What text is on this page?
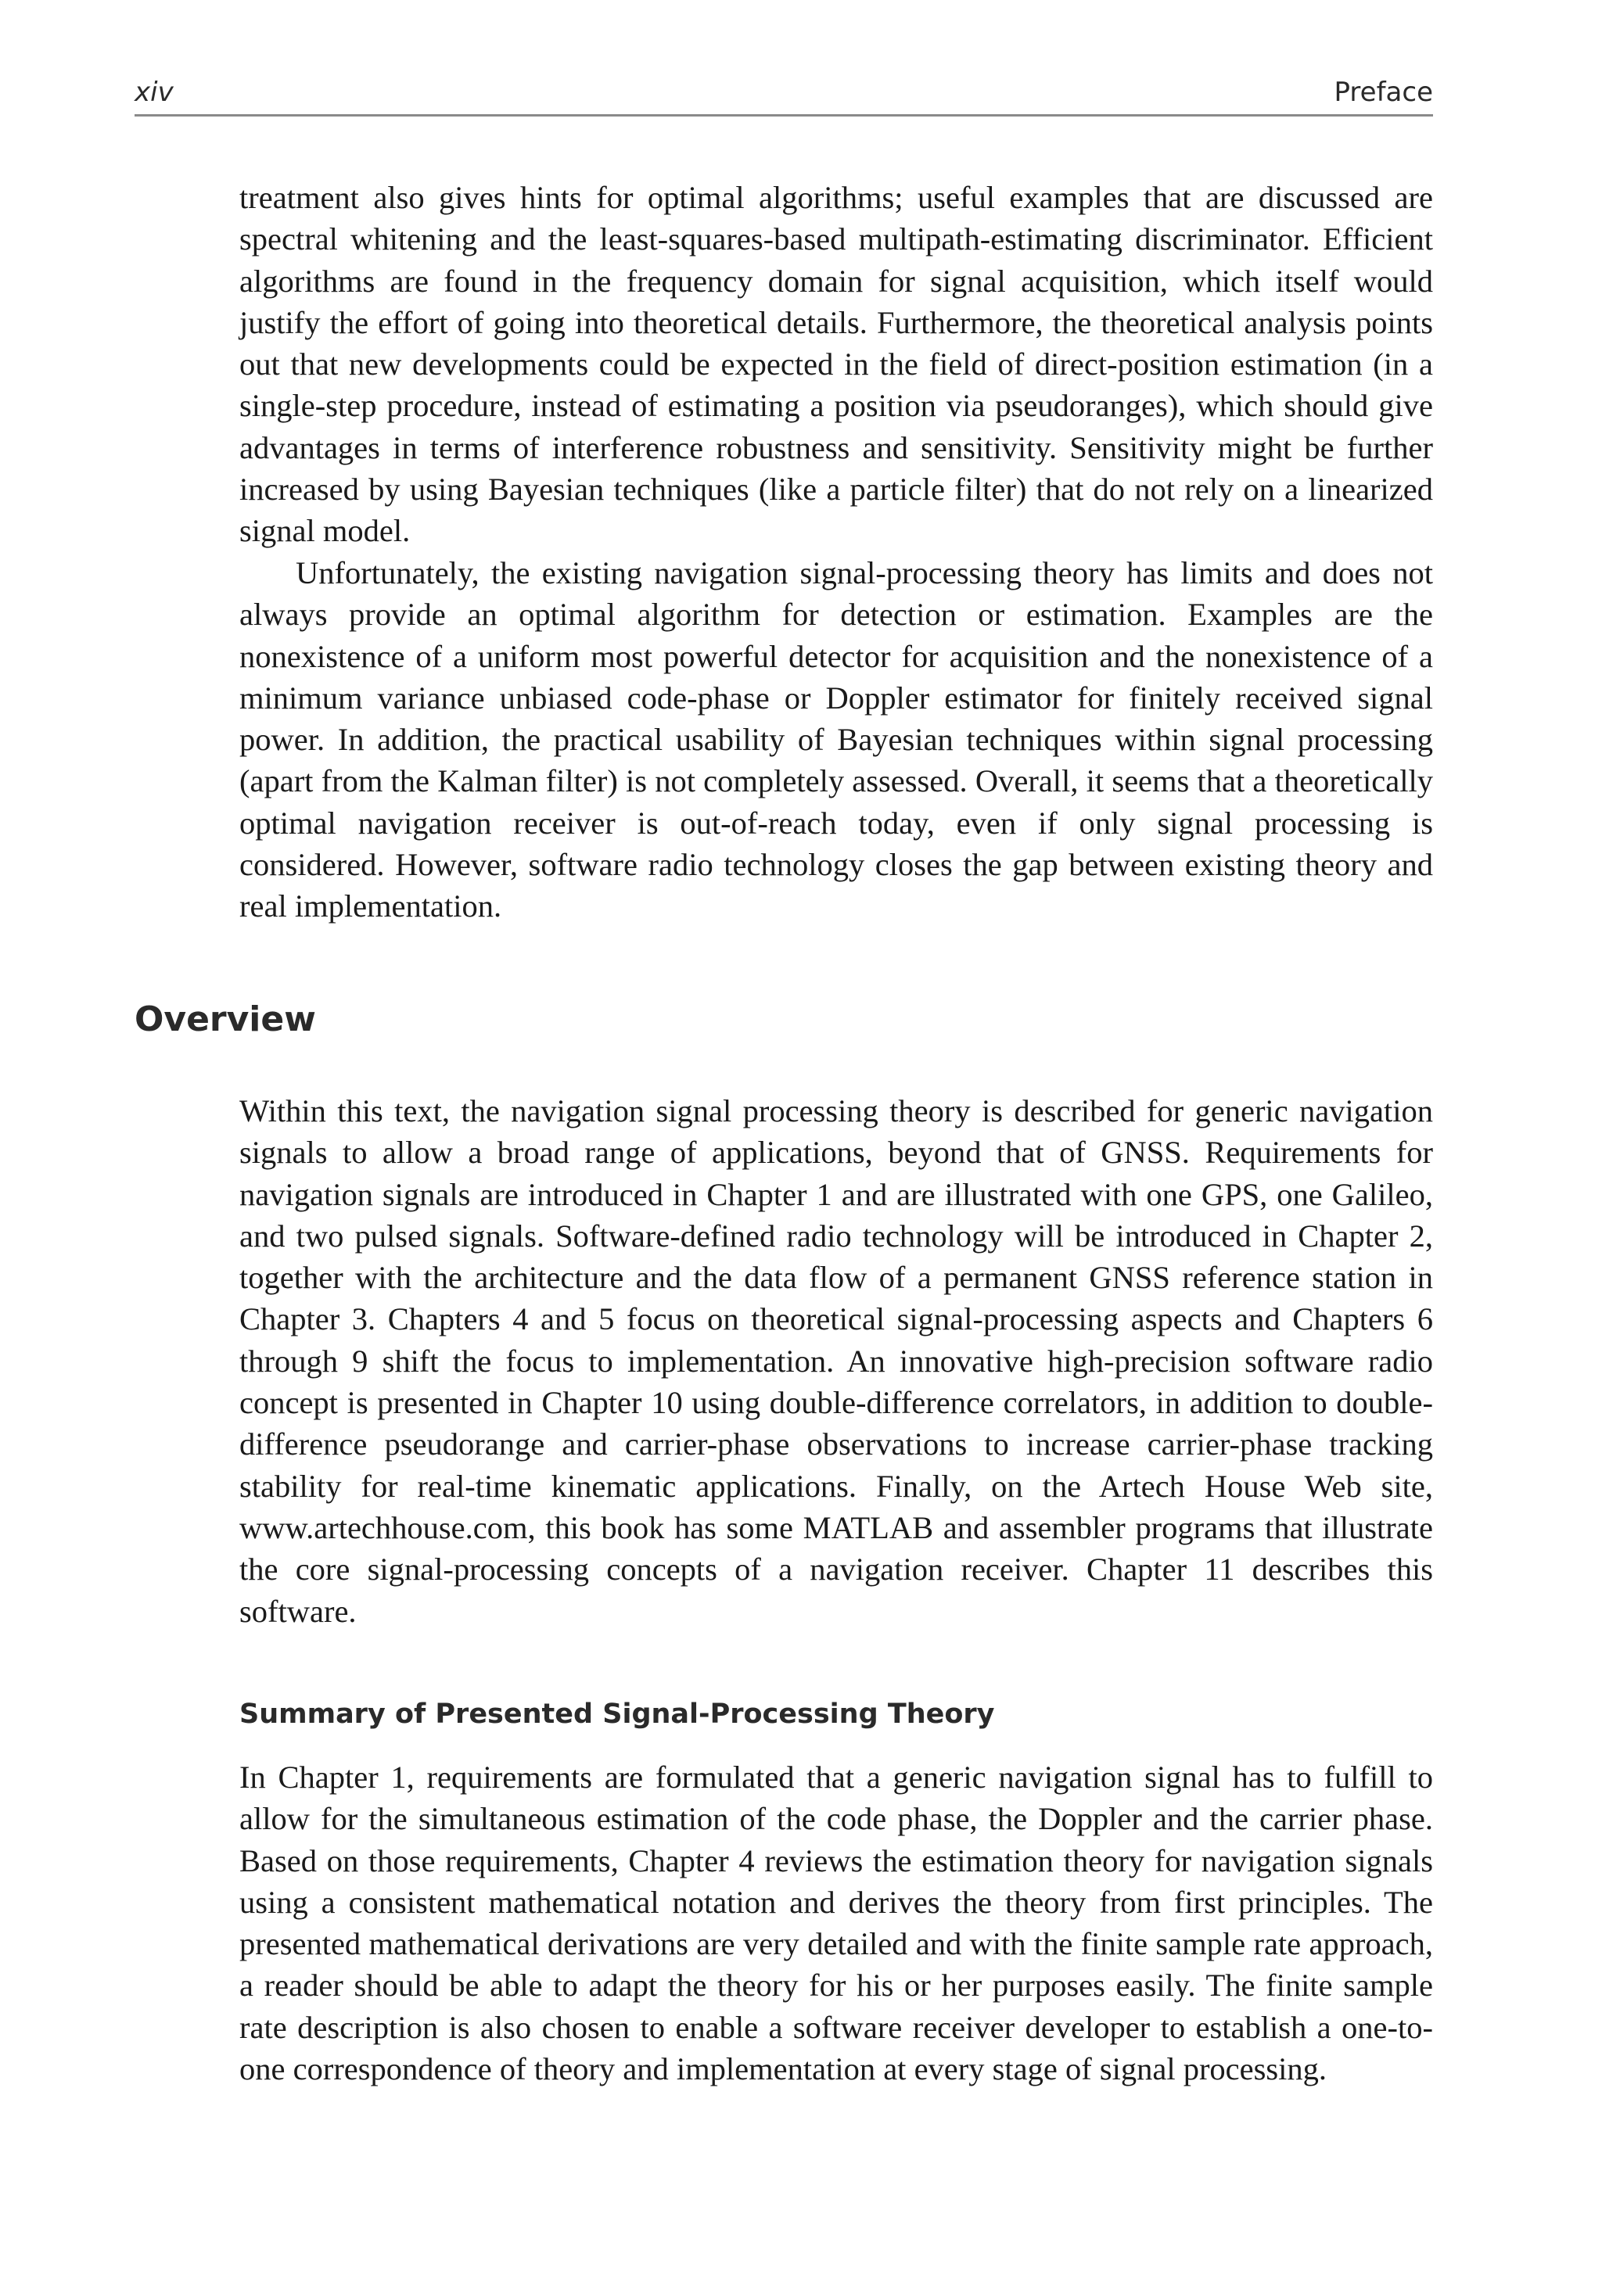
xiv	Preface

treatment also gives hints for optimal algorithms; useful examples that are discussed are spectral whitening and the least-squares-based multipath-estimating discriminator. Efficient algorithms are found in the frequency domain for signal acquisition, which itself would justify the effort of going into theoretical details. Furthermore, the theoretical analysis points out that new developments could be expected in the field of direct-position estimation (in a single-step procedure, instead of estimating a position via pseudoranges), which should give advantages in terms of interference robustness and sensitivity. Sensitivity might be further increased by using Bayesian techniques (like a particle filter) that do not rely on a linearized signal model.

Unfortunately, the existing navigation signal-processing theory has limits and does not always provide an optimal algorithm for detection or estimation. Examples are the nonexistence of a uniform most powerful detector for acquisition and the nonexistence of a minimum variance unbiased code-phase or Doppler estimator for finitely received signal power. In addition, the practical usability of Bayesian techniques within signal processing (apart from the Kalman filter) is not completely assessed. Overall, it seems that a theoretically optimal navigation receiver is out-of-reach today, even if only signal processing is considered. However, software radio technology closes the gap between existing theory and real implementation.

Overview

Within this text, the navigation signal processing theory is described for generic navigation signals to allow a broad range of applications, beyond that of GNSS. Requirements for navigation signals are introduced in Chapter 1 and are illustrated with one GPS, one Galileo, and two pulsed signals. Software-defined radio technology will be introduced in Chapter 2, together with the architecture and the data flow of a permanent GNSS reference station in Chapter 3. Chapters 4 and 5 focus on theoretical signal-processing aspects and Chapters 6 through 9 shift the focus to implementation. An innovative high-precision software radio concept is presented in Chapter 10 using double-difference correlators, in addition to double-difference pseudorange and carrier-phase observations to increase carrier-phase tracking stability for real-time kinematic applications. Finally, on the Artech House Web site, www.artechhouse.com, this book has some MATLAB and assembler programs that illustrate the core signal-processing concepts of a navigation receiver. Chapter 11 describes this software.

Summary of Presented Signal-Processing Theory

In Chapter 1, requirements are formulated that a generic navigation signal has to fulfill to allow for the simultaneous estimation of the code phase, the Doppler and the carrier phase. Based on those requirements, Chapter 4 reviews the estimation theory for navigation signals using a consistent mathematical notation and derives the theory from first principles. The presented mathematical derivations are very detailed and with the finite sample rate approach, a reader should be able to adapt the theory for his or her purposes easily. The finite sample rate description is also chosen to enable a software receiver developer to establish a one-to-one correspondence of theory and implementation at every stage of signal processing.
